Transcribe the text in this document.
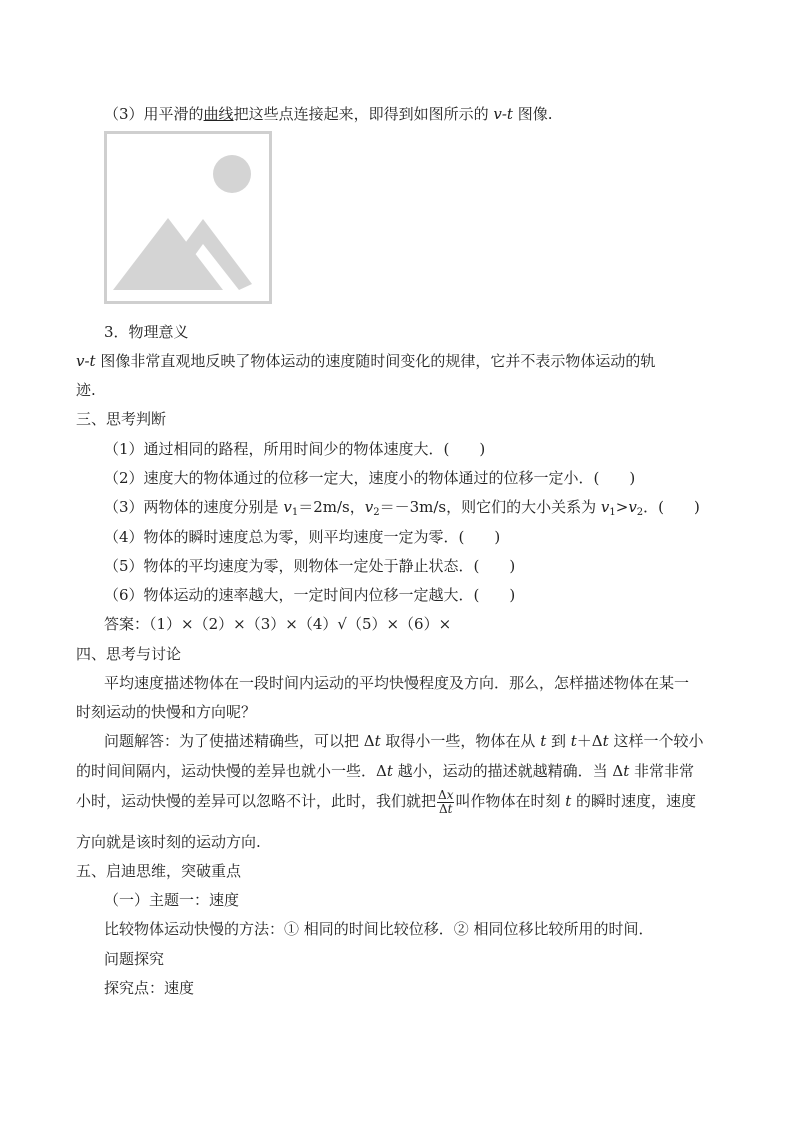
（3）用平滑的曲线把这些点连接起来，即得到如图所示的 v-t 图像.
3．物理意义
v-t 图像非常直观地反映了物体运动的速度随时间变化的规律，它并不表示物体运动的轨
迹.
三、思考判断
（1）通过相同的路程，所用时间少的物体速度大．(　　)
（2）速度大的物体通过的位移一定大，速度小的物体通过的位移一定小．(　　)
（3）两物体的速度分别是 $v_1=2m/s$，$v_2=-3m/s$，则它们的大小关系为 $v_1>v_2$．(　　)
（4）物体的瞬时速度总为零，则平均速度一定为零．(　　)
（5）物体的平均速度为零，则物体一定处于静止状态．(　　)
（6）物体运动的速率越大，一定时间内位移一定越大．(　　)
答案：（1）×（2）×（3）×（4）√（5）×（6）×
四、思考与讨论
平均速度描述物体在一段时间内运动的平均快慢程度及方向．那么，怎样描述物体在某一
时刻运动的快慢和方向呢？
问题解答：为了使描述精确些，可以把 Δt 取得小一些，物体在从 t 到 t＋Δt 这样一个较小
的时间间隔内，运动快慢的差异也就小一些．Δt 越小，运动的描述就越精确．当 Δt 非常非常
小时，运动快慢的差异可以忽略不计，此时，我们就把 $\frac{\Delta x}{\Delta t}$ 叫作物体在时刻 t 的瞬时速度，速度
方向就是该时刻的运动方向.
五、启迪思维，突破重点
（一）主题一：速度
比较物体运动快慢的方法：① 相同的时间比较位移．② 相同位移比较所用的时间．
问题探究
探究点：速度
